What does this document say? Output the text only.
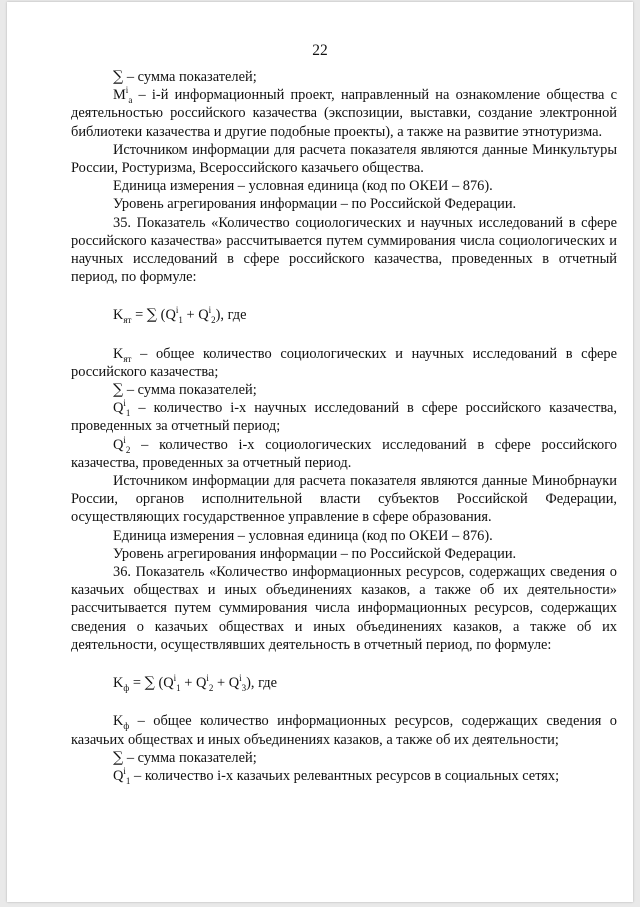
22

∑ – сумма показателей;

$M^i_а - i-й$ информационный проект, направленный на ознакомление общества с деятельностью российского казачества (экспозиции, выставки, создание электронной библиотеки казачества и другие подобные проекты), а также на развитие этнотуризма.

Источником информации для расчета показателя являются данные Минкультуры России, Ростуризма, Всероссийского казачьего общества.

Единица измерения – условная единица (код по ОКЕИ – 876).

Уровень агрегирования информации – по Российской Федерации.

35. Показатель «Количество социологических и научных исследований в сфере российского казачества» рассчитывается путем суммирования числа социологических и научных исследований в сфере российского казачества, проведенных в отчетный период, по формуле:

$K_{ят}$ = ∑ $(Q^i_1 + Q^i_2)$, где

$K_{ят}$ – общее количество социологических и научных исследований в сфере российского казачества;

∑ – сумма показателей;

$Q^i_1$ – количество i-х научных исследований в сфере российского казачества, проведенных за отчетный период;

$Q^i_2$ – количество i-х социологических исследований в сфере российского казачества, проведенных за отчетный период.

Источником информации для расчета показателя являются данные Минобрнауки России, органов исполнительной власти субъектов Российской Федерации, осуществляющих государственное управление в сфере образования.

Единица измерения – условная единица (код по ОКЕИ – 876).

Уровень агрегирования информации – по Российской Федерации.

36. Показатель «Количество информационных ресурсов, содержащих сведения о казачьих обществах и иных объединениях казаков, а также об их деятельности» рассчитывается путем суммирования числа информационных ресурсов, содержащих сведения о казачьих обществах и иных объединениях казаков, а также об их деятельности, осуществлявших деятельность в отчетный период, по формуле:

$K_ф$ = ∑ $(Q^i_1 + Q^i_2 + Q^i_3)$, где

$K_ф$ – общее количество информационных ресурсов, содержащих сведения о казачьих обществах и иных объединениях казаков, а также об их деятельности;

∑ – сумма показателей;

$Q^i_1$ – количество i-х казачьих релевантных ресурсов в социальных сетях;
